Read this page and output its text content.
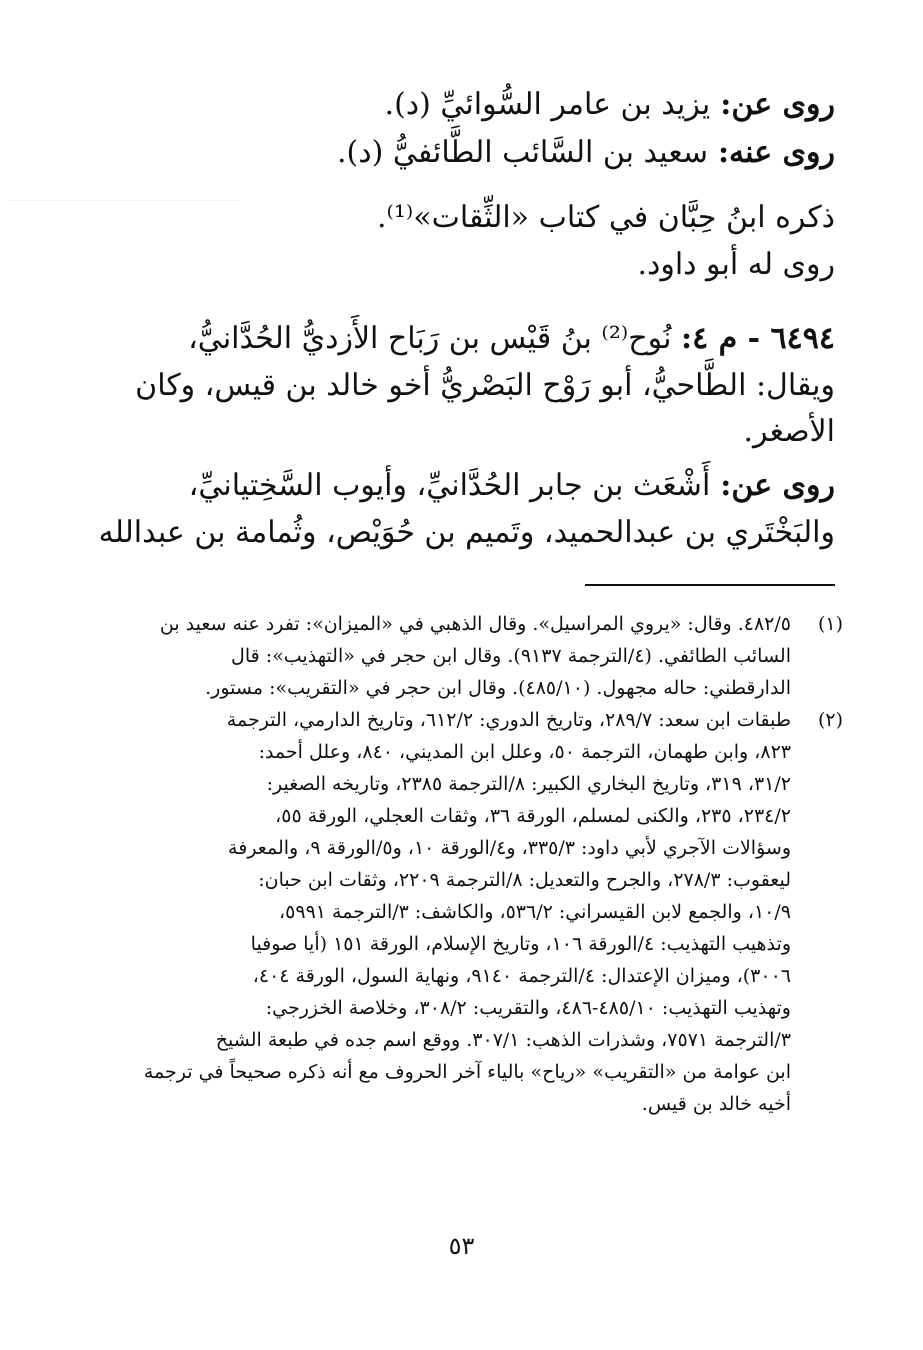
روى عن:يزيد بن عامر السُّوائيِّ (د).
روى عنه:سعيد بن السَّائب الطَّائفيُّ (د).
ذكره ابنُ حِبَّان في كتاب «الثِّقات»⁽¹⁾.
روى له أبو داود.
٦٤٩٤ - م ٤: نُوح⁽²⁾ بنُ قَيْس بن رَبَاح الأَزديُّ الحُدَّانيُّ،
ويقال: الطَّاحيُّ، أبو رَوْح البَصْريُّ أخو خالد بن قيس، وكان
الأصغر.
روى عن:أَشْعَث بن جابر الحُدَّانيِّ، وأيوب السَّخِتيانيِّ،
والبَخْتَري بن عبدالحميد، وتَميم بن حُوَيْص، وثُمامة بن عبدالله
(١)
٤٨٢/٥. وقال: «يروي المراسيل». وقال الذهبي في «الميزان»: تفرد عنه سعيد بن
السائب الطائفي. (٤/الترجمة ٩١٣٧). وقال ابن حجر في «التهذيب»: قال
الدارقطني: حاله مجهول. (٤٨٥/١٠). وقال ابن حجر في «التقريب»: مستور.
(٢)
طبقات ابن سعد: ٢٨٩/٧، وتاريخ الدوري: ٦١٢/٢، وتاريخ الدارمي، الترجمة
٨٢٣، وابن طهمان، الترجمة ٥٠، وعلل ابن المديني، ٨٤٠، وعلل أحمد:
٣١/٢، ٣١٩، وتاريخ البخاري الكبير: ٨/الترجمة ٢٣٨٥، وتاريخه الصغير:
٢٣٤/٢، ٢٣٥، والكنى لمسلم، الورقة ٣٦، وثقات العجلي، الورقة ٥٥،
وسؤالات الآجري لأبي داود: ٣٣٥/٣، و٤/الورقة ١٠، و٥/الورقة ٩، والمعرفة
ليعقوب: ٢٧٨/٣، والجرح والتعديل: ٨/الترجمة ٢٢٠٩، وثقات ابن حبان:
١٠/٩، والجمع لابن القيسراني: ٥٣٦/٢، والكاشف: ٣/الترجمة ٥٩٩١،
وتذهيب التهذيب: ٤/الورقة ١٠٦، وتاريخ الإسلام، الورقة ١٥١ (أيا صوفيا
٣٠٠٦)، وميزان الإعتدال: ٤/الترجمة ٩١٤٠، ونهاية السول، الورقة ٤٠٤،
وتهذيب التهذيب: ٤٨٥/١٠-٤٨٦، والتقريب: ٣٠٨/٢، وخلاصة الخزرجي:
٣/الترجمة ٧٥٧١، وشذرات الذهب: ٣٠٧/١. ووقع اسم جده في طبعة الشيخ
ابن عوامة من «التقريب» «رياح» بالياء آخر الحروف مع أنه ذكره صحيحاً في ترجمة
أخيه خالد بن قيس.
٥٣
